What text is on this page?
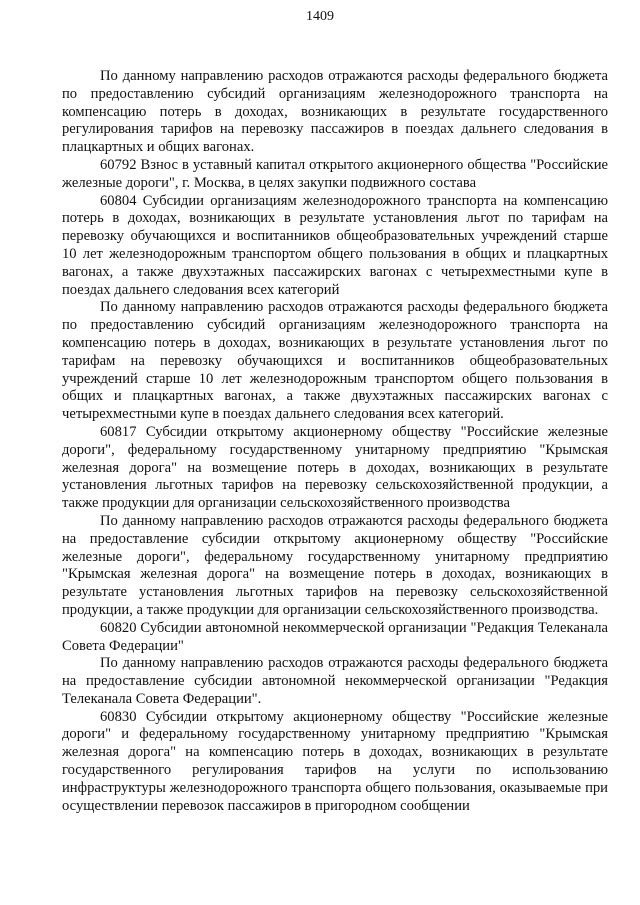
1409

По данному направлению расходов отражаются расходы федерального бюджета по предоставлению субсидий организациям железнодорожного транспорта на компенсацию потерь в доходах, возникающих в результате государственного регулирования тарифов на перевозку пассажиров в поездах дальнего следования в плацкартных и общих вагонах.

60792 Взнос в уставный капитал открытого акционерного общества "Российские железные дороги", г. Москва, в целях закупки подвижного состава

60804 Субсидии организациям железнодорожного транспорта на компенсацию потерь в доходах, возникающих в результате установления льгот по тарифам на перевозку обучающихся и воспитанников общеобразовательных учреждений старше 10 лет железнодорожным транспортом общего пользования в общих и плацкартных вагонах, а также двухэтажных пассажирских вагонах с четырехместными купе в поездах дальнего следования всех категорий

По данному направлению расходов отражаются расходы федерального бюджета по предоставлению субсидий организациям железнодорожного транспорта на компенсацию потерь в доходах, возникающих в результате установления льгот по тарифам на перевозку обучающихся и воспитанников общеобразовательных учреждений старше 10 лет железнодорожным транспортом общего пользования в общих и плацкартных вагонах, а также двухэтажных пассажирских вагонах с четырехместными купе в поездах дальнего следования всех категорий.

60817 Субсидии открытому акционерному обществу "Российские железные дороги", федеральному государственному унитарному предприятию "Крымская железная дорога" на возмещение потерь в доходах, возникающих в результате установления льготных тарифов на перевозку сельскохозяйственной продукции, а также продукции для организации сельскохозяйственного производства

По данному направлению расходов отражаются расходы федерального бюджета на предоставление субсидии открытому акционерному обществу "Российские железные дороги", федеральному государственному унитарному предприятию "Крымская железная дорога" на возмещение потерь в доходах, возникающих в результате установления льготных тарифов на перевозку сельскохозяйственной продукции, а также продукции для организации сельскохозяйственного производства.

60820 Субсидии автономной некоммерческой организации "Редакция Телеканала Совета Федерации"

По данному направлению расходов отражаются расходы федерального бюджета на предоставление субсидии автономной некоммерческой организации "Редакция Телеканала Совета Федерации".

60830 Субсидии открытому акционерному обществу "Российские железные дороги" и федеральному государственному унитарному предприятию "Крымская железная дорога" на компенсацию потерь в доходах, возникающих в результате государственного регулирования тарифов на услуги по использованию инфраструктуры железнодорожного транспорта общего пользования, оказываемые при осуществлении перевозок пассажиров в пригородном сообщении
